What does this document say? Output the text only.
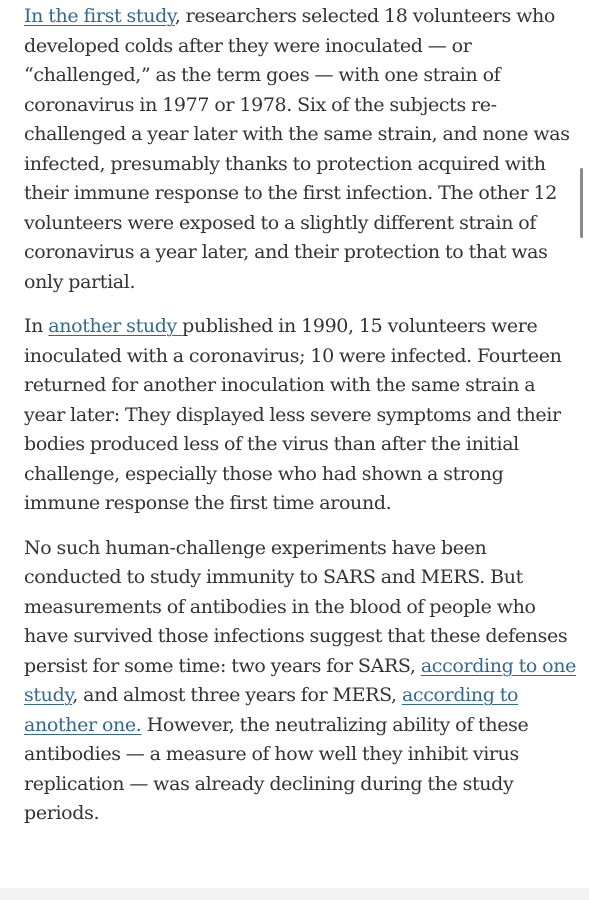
In the first study, researchers selected 18 volunteers who developed colds after they were inoculated — or “challenged,” as the term goes — with one strain of coronavirus in 1977 or 1978. Six of the subjects re-challenged a year later with the same strain, and none was infected, presumably thanks to protection acquired with their immune response to the first infection. The other 12 volunteers were exposed to a slightly different strain of coronavirus a year later, and their protection to that was only partial.

In another study published in 1990, 15 volunteers were inoculated with a coronavirus; 10 were infected. Fourteen returned for another inoculation with the same strain a year later: They displayed less severe symptoms and their bodies produced less of the virus than after the initial challenge, especially those who had shown a strong immune response the first time around.

No such human-challenge experiments have been conducted to study immunity to SARS and MERS. But measurements of antibodies in the blood of people who have survived those infections suggest that these defenses persist for some time: two years for SARS, according to one study, and almost three years for MERS, according to another one. However, the neutralizing ability of these antibodies — a measure of how well they inhibit virus replication — was already declining during the study periods.
